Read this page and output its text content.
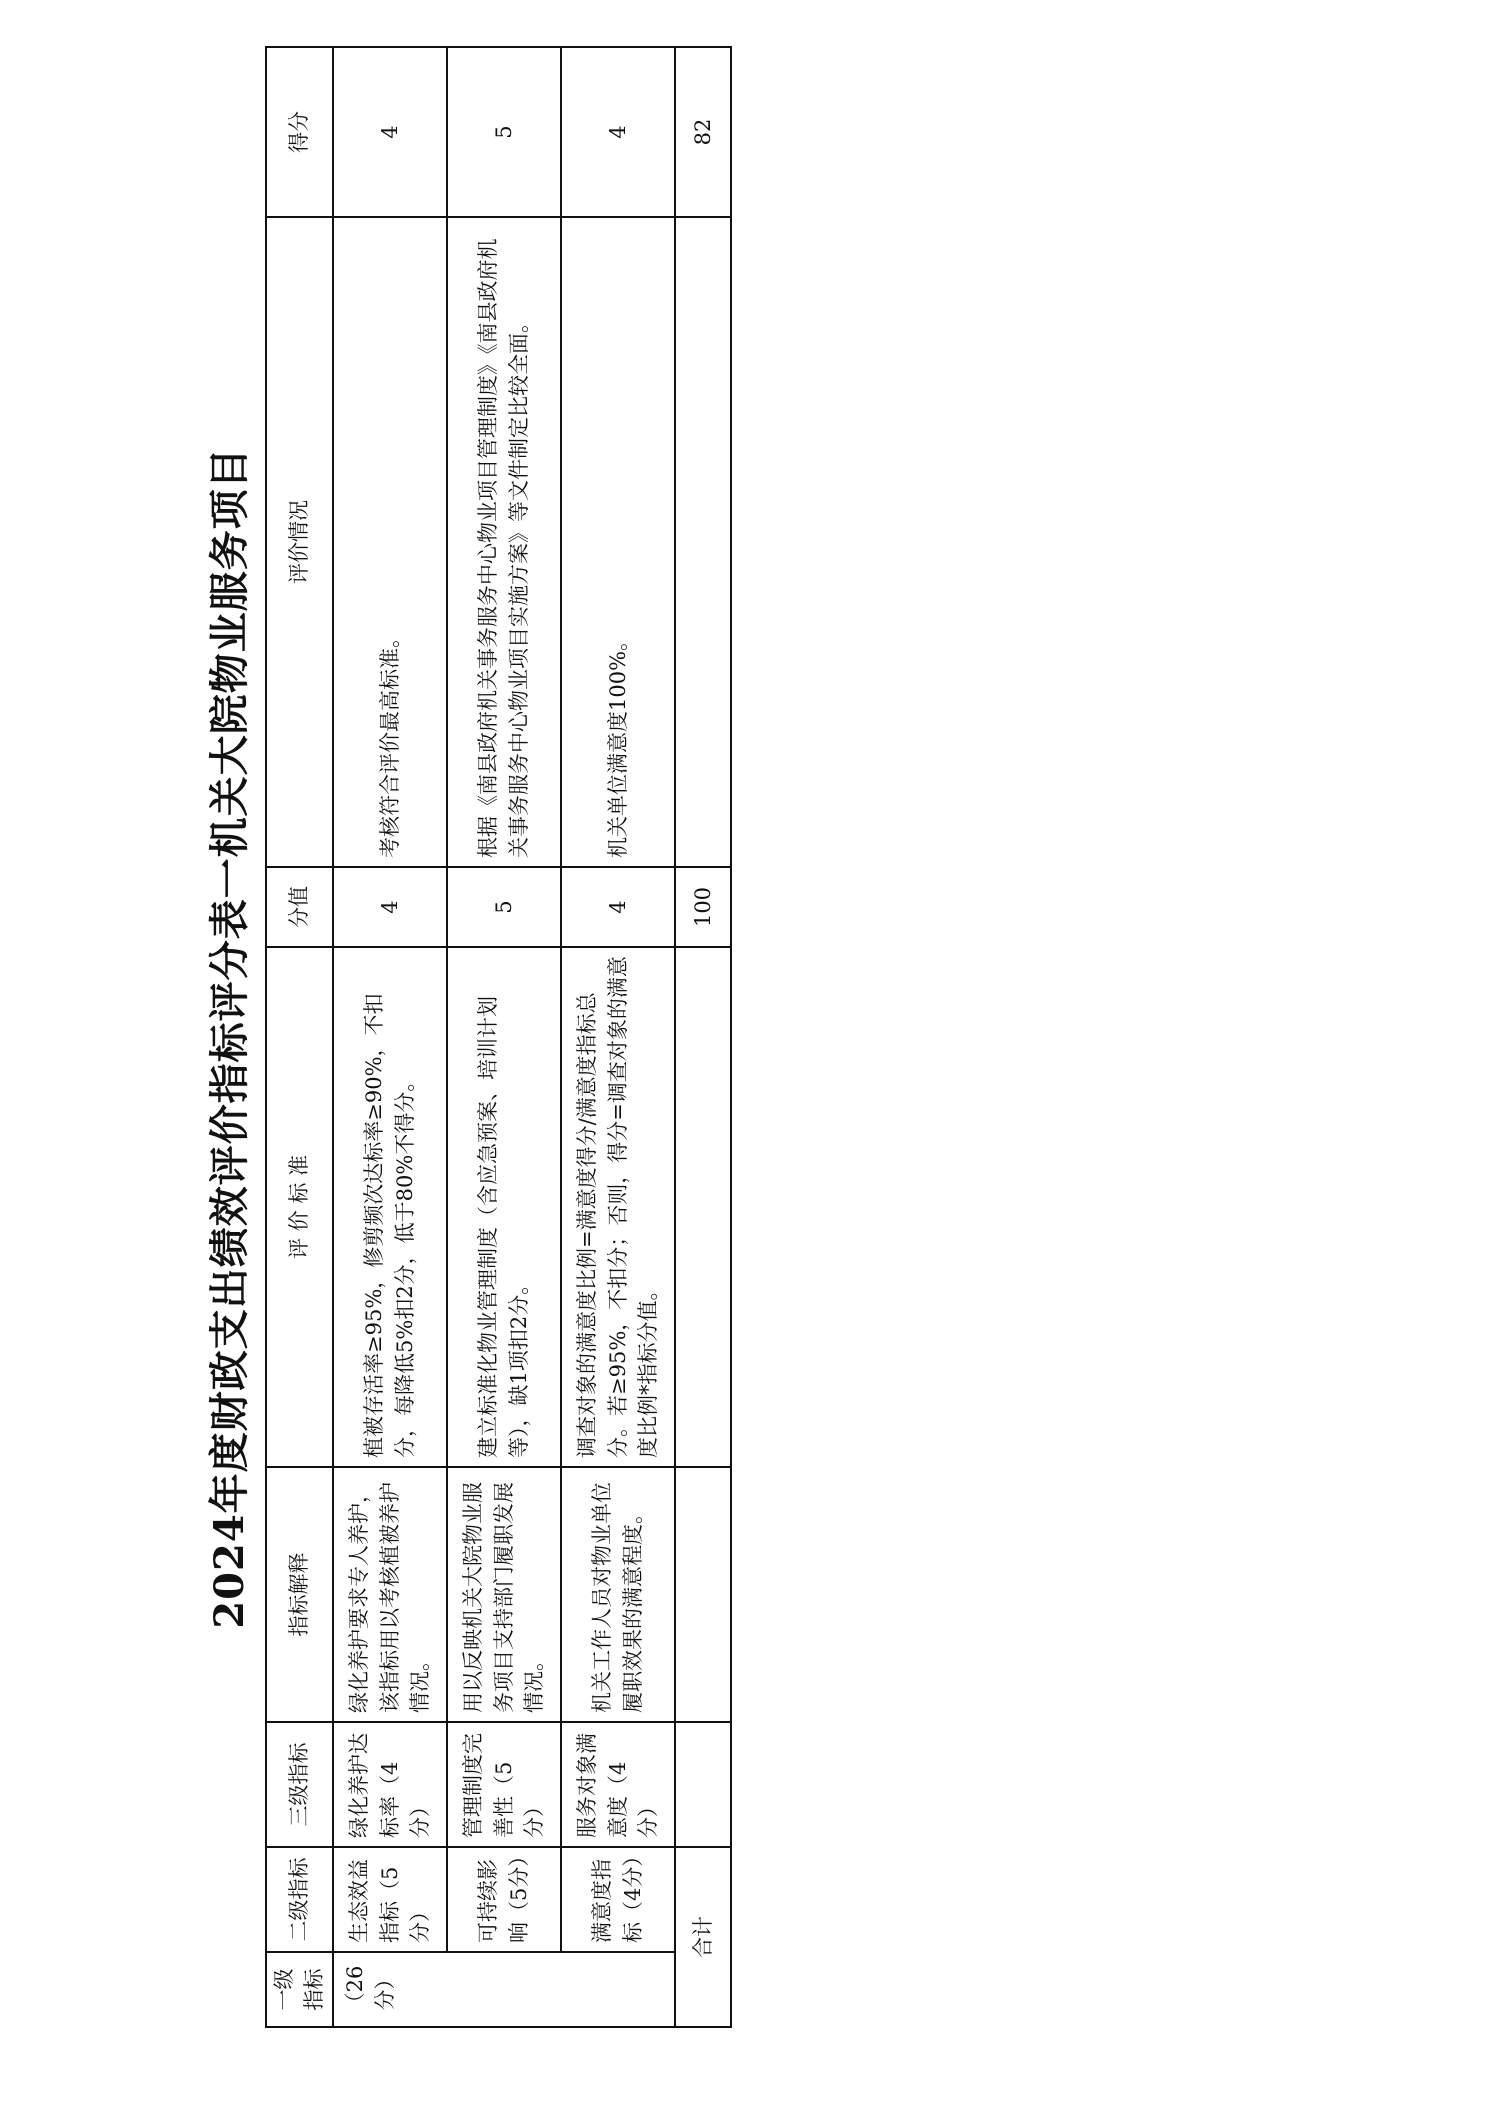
2024年度财政支出绩效评价指标评分表一机关大院物业服务项目
一级指标	二级指标	三级指标	指标解释	评 价 标 准	分值	评价情况	得分
（26分）	生态效益指标（5分）	绿化养护达标率（4分）	绿化养护要求专人养护，该指标用以考核植被养护情况。	植被存活率≥95%，修剪频次达标率≥90%，不扣分，每降低5%扣2分，低于80%不得分。	4	考核符合评价最高标准。	4
	可持续影响（5分）	管理制度完善性（5分）	用以反映机关大院物业服务项目支持部门履职发展情况。	建立标准化物业管理制度（含应急预案、培训计划等），缺1项扣2分。	5	根据《南县政府机关事务服务中心物业项目管理制度》《南县政府机关事务服务中心物业项目实施方案》等文件制定比较全面。	5
	满意度指标（4分）	服务对象满意度（4分）	机关工作人员对物业单位履职效果的满意程度。	调查对象的满意度比例=满意度得分/满意度指标总分。若≥95%，不扣分；否则，得分=调查对象的满意度比例*指标分值。	4	机关单位满意度100%。	4
合计					100		82
